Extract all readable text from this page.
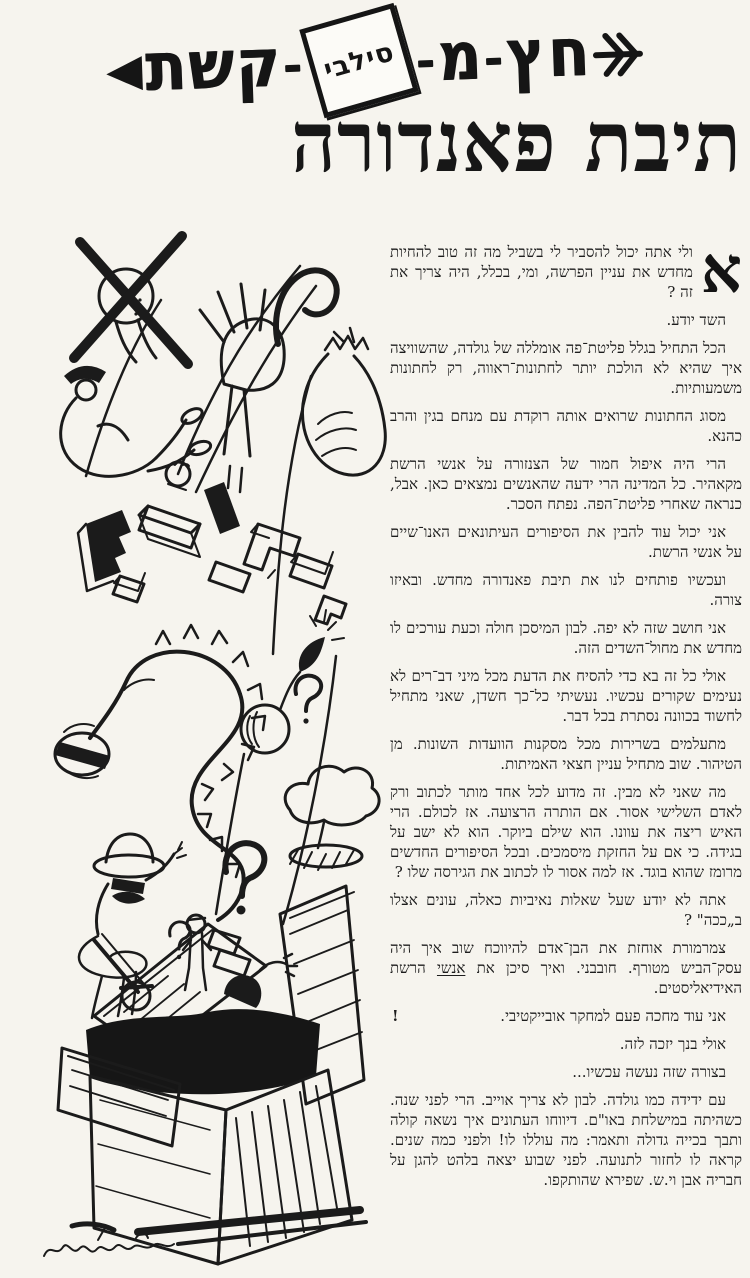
ח
ץ
מ
סילבי
ק
ש
ת
תיבת פאנדורה

א
ולי אתה יכול להסביר לי בשביל מה זה טוב להחיות מחדש את עניין הפרשה, ומי, בכלל, היה צריך את זה ?

השד יודע.

הכל התחיל בגלל פליטת־פה אומללה של גולדה, שהשוויצה איך שהיא לא הולכת יותר לחתונות־ראווה, רק לחתונות משמעותיות.

מסוג החתונות שרואים אותה רוקדת עם מנחם בגין והרב כהנא.

הרי היה איפול חמור של הצנזורה על אנשי הרשת מקאהיר. כל המדינה הרי ידעה שהאנשים נמצאים כאן. אבל, כנראה שאחרי פליטת־הפה. נפתח הסכר.

אני יכול עוד להבין את הסיפורים העיתונאים האנו־שיים על אנשי הרשת.

ועכשיו פותחים לנו את תיבת פאנדורה מחדש. ובאיזו צורה.

אני חושב שזה לא יפה. לבון המיסכן חולה וכעת עורכים לו מחדש את מחול־השדים הזה.

אולי כל זה בא כדי להסיח את הדעת מכל מיני דב־רים לא נעימים שקורים עכשיו. נעשיתי כל־כך חשדן, שאני מתחיל לחשוד בכוונה נסתרת בכל דבר.

מתעלמים בשרירות מכל מסקנות הוועדות השונות. מן הטיהור. שוב מתחיל עניין חצאי האמיתות.

מה שאני לא מבין. זה מדוע לכל אחד מותר לכתוב ורק לאדם השלישי אסור. אם הותרה הרצועה. אז לכולם. הרי האיש ריצה את עוונו. הוא שילם ביוקר. הוא לא ישב על בגידה. כי אם על החזקת מיסמכים. ובכל הסיפורים החדשים מרומז שהוא בוגד. אז למה אסור לו לכתוב את הגירסה שלו ?

אתה לא יודע שעל שאלות נאיביות כאלה, עונים אצלו ב„ככה" ?

צמרמורת אוחזת את הבן־אדם להיווכח שוב איך היה עסק־הביש מטורף. חובבני. ואיך סיכן את אנשי הרשת האידיאליסטים.

!	אני עוד מחכה פעם למחקר אובייקטיבי.

אולי בנך יזכה לזה.

בצורה שזה נעשה עכשיו...

עם ידידה כמו גולדה. לבון לא צריך אוייב. הרי לפני שנה. כשהיתה במישלחת באו"ם. דיווחו העתונים איך נשאה קולה ותבך בכייה גדולה ותאמר: מה עוללו לו! ולפני כמה שנים. קראה לו לחזור לתנועה. לפני שבוע יצאה בלהט להגן על חבריה אבן וי.ש. שפירא שהותקפו.
